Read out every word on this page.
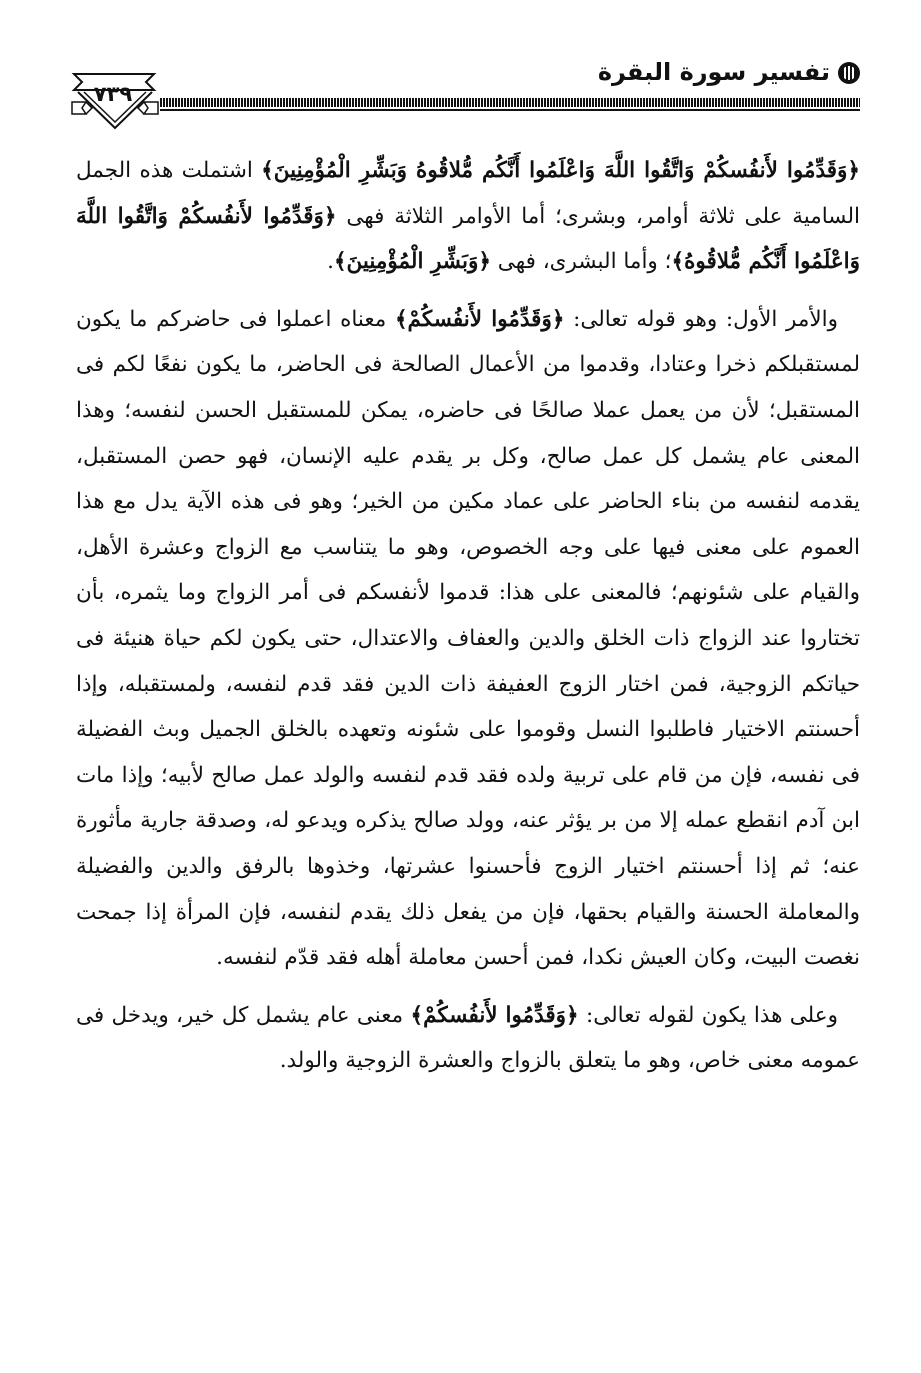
تفسير سورة البقرة
٧٣٩

﴿وَقَدِّمُوا لأَنفُسكُمْ وَاتَّقُوا اللَّهَ وَاعْلَمُوا أَنَّكُم مُّلاقُوهُ وَبَشِّرِ الْمُؤْمِنِينَ﴾ اشتملت هذه الجمل السامية على ثلاثة أوامر، وبشرى؛ أما الأوامر الثلاثة فهى ﴿وَقَدِّمُوا لأَنفُسكُمْ وَاتَّقُوا اللَّهَ وَاعْلَمُوا أَنَّكُم مُّلاقُوهُ﴾؛ وأما البشرى، فهى ﴿وَبَشِّرِ الْمُؤْمِنِينَ﴾.

والأمر الأول: وهو قوله تعالى: ﴿وَقَدِّمُوا لأَنفُسكُمْ﴾ معناه اعملوا فى حاضركم ما يكون لمستقبلكم ذخرا وعتادا، وقدموا من الأعمال الصالحة فى الحاضر، ما يكون نفعًا لكم فى المستقبل؛ لأن من يعمل عملا صالحًا فى حاضره، يمكن للمستقبل الحسن لنفسه؛ وهذا المعنى عام يشمل كل عمل صالح، وكل بر يقدم عليه الإنسان، فهو حصن المستقبل، يقدمه لنفسه من بناء الحاضر على عماد مكين من الخير؛ وهو فى هذه الآية يدل مع هذا العموم على معنى فيها على وجه الخصوص، وهو ما يتناسب مع الزواج وعشرة الأهل، والقيام على شئونهم؛ فالمعنى على هذا: قدموا لأنفسكم فى أمر الزواج وما يثمره، بأن تختاروا عند الزواج ذات الخلق والدين والعفاف والاعتدال، حتى يكون لكم حياة هنيئة فى حياتكم الزوجية، فمن اختار الزوج العفيفة ذات الدين فقد قدم لنفسه، ولمستقبله، وإذا أحسنتم الاختيار فاطلبوا النسل وقوموا على شئونه وتعهده بالخلق الجميل وبث الفضيلة فى نفسه، فإن من قام على تربية ولده فقد قدم لنفسه والولد عمل صالح لأبيه؛ وإذا مات ابن آدم انقطع عمله إلا من بر يؤثر عنه، وولد صالح يذكره ويدعو له، وصدقة جارية مأثورة عنه؛ ثم إذا أحسنتم اختيار الزوج فأحسنوا عشرتها، وخذوها بالرفق والدين والفضيلة والمعاملة الحسنة والقيام بحقها، فإن من يفعل ذلك يقدم لنفسه، فإن المرأة إذا جمحت نغصت البيت، وكان العيش نكدا، فمن أحسن معاملة أهله فقد قدّم لنفسه.

وعلى هذا يكون لقوله تعالى: ﴿وَقَدِّمُوا لأَنفُسكُمْ﴾ معنى عام يشمل كل خير، ويدخل فى عمومه معنى خاص، وهو ما يتعلق بالزواج والعشرة الزوجية والولد.
